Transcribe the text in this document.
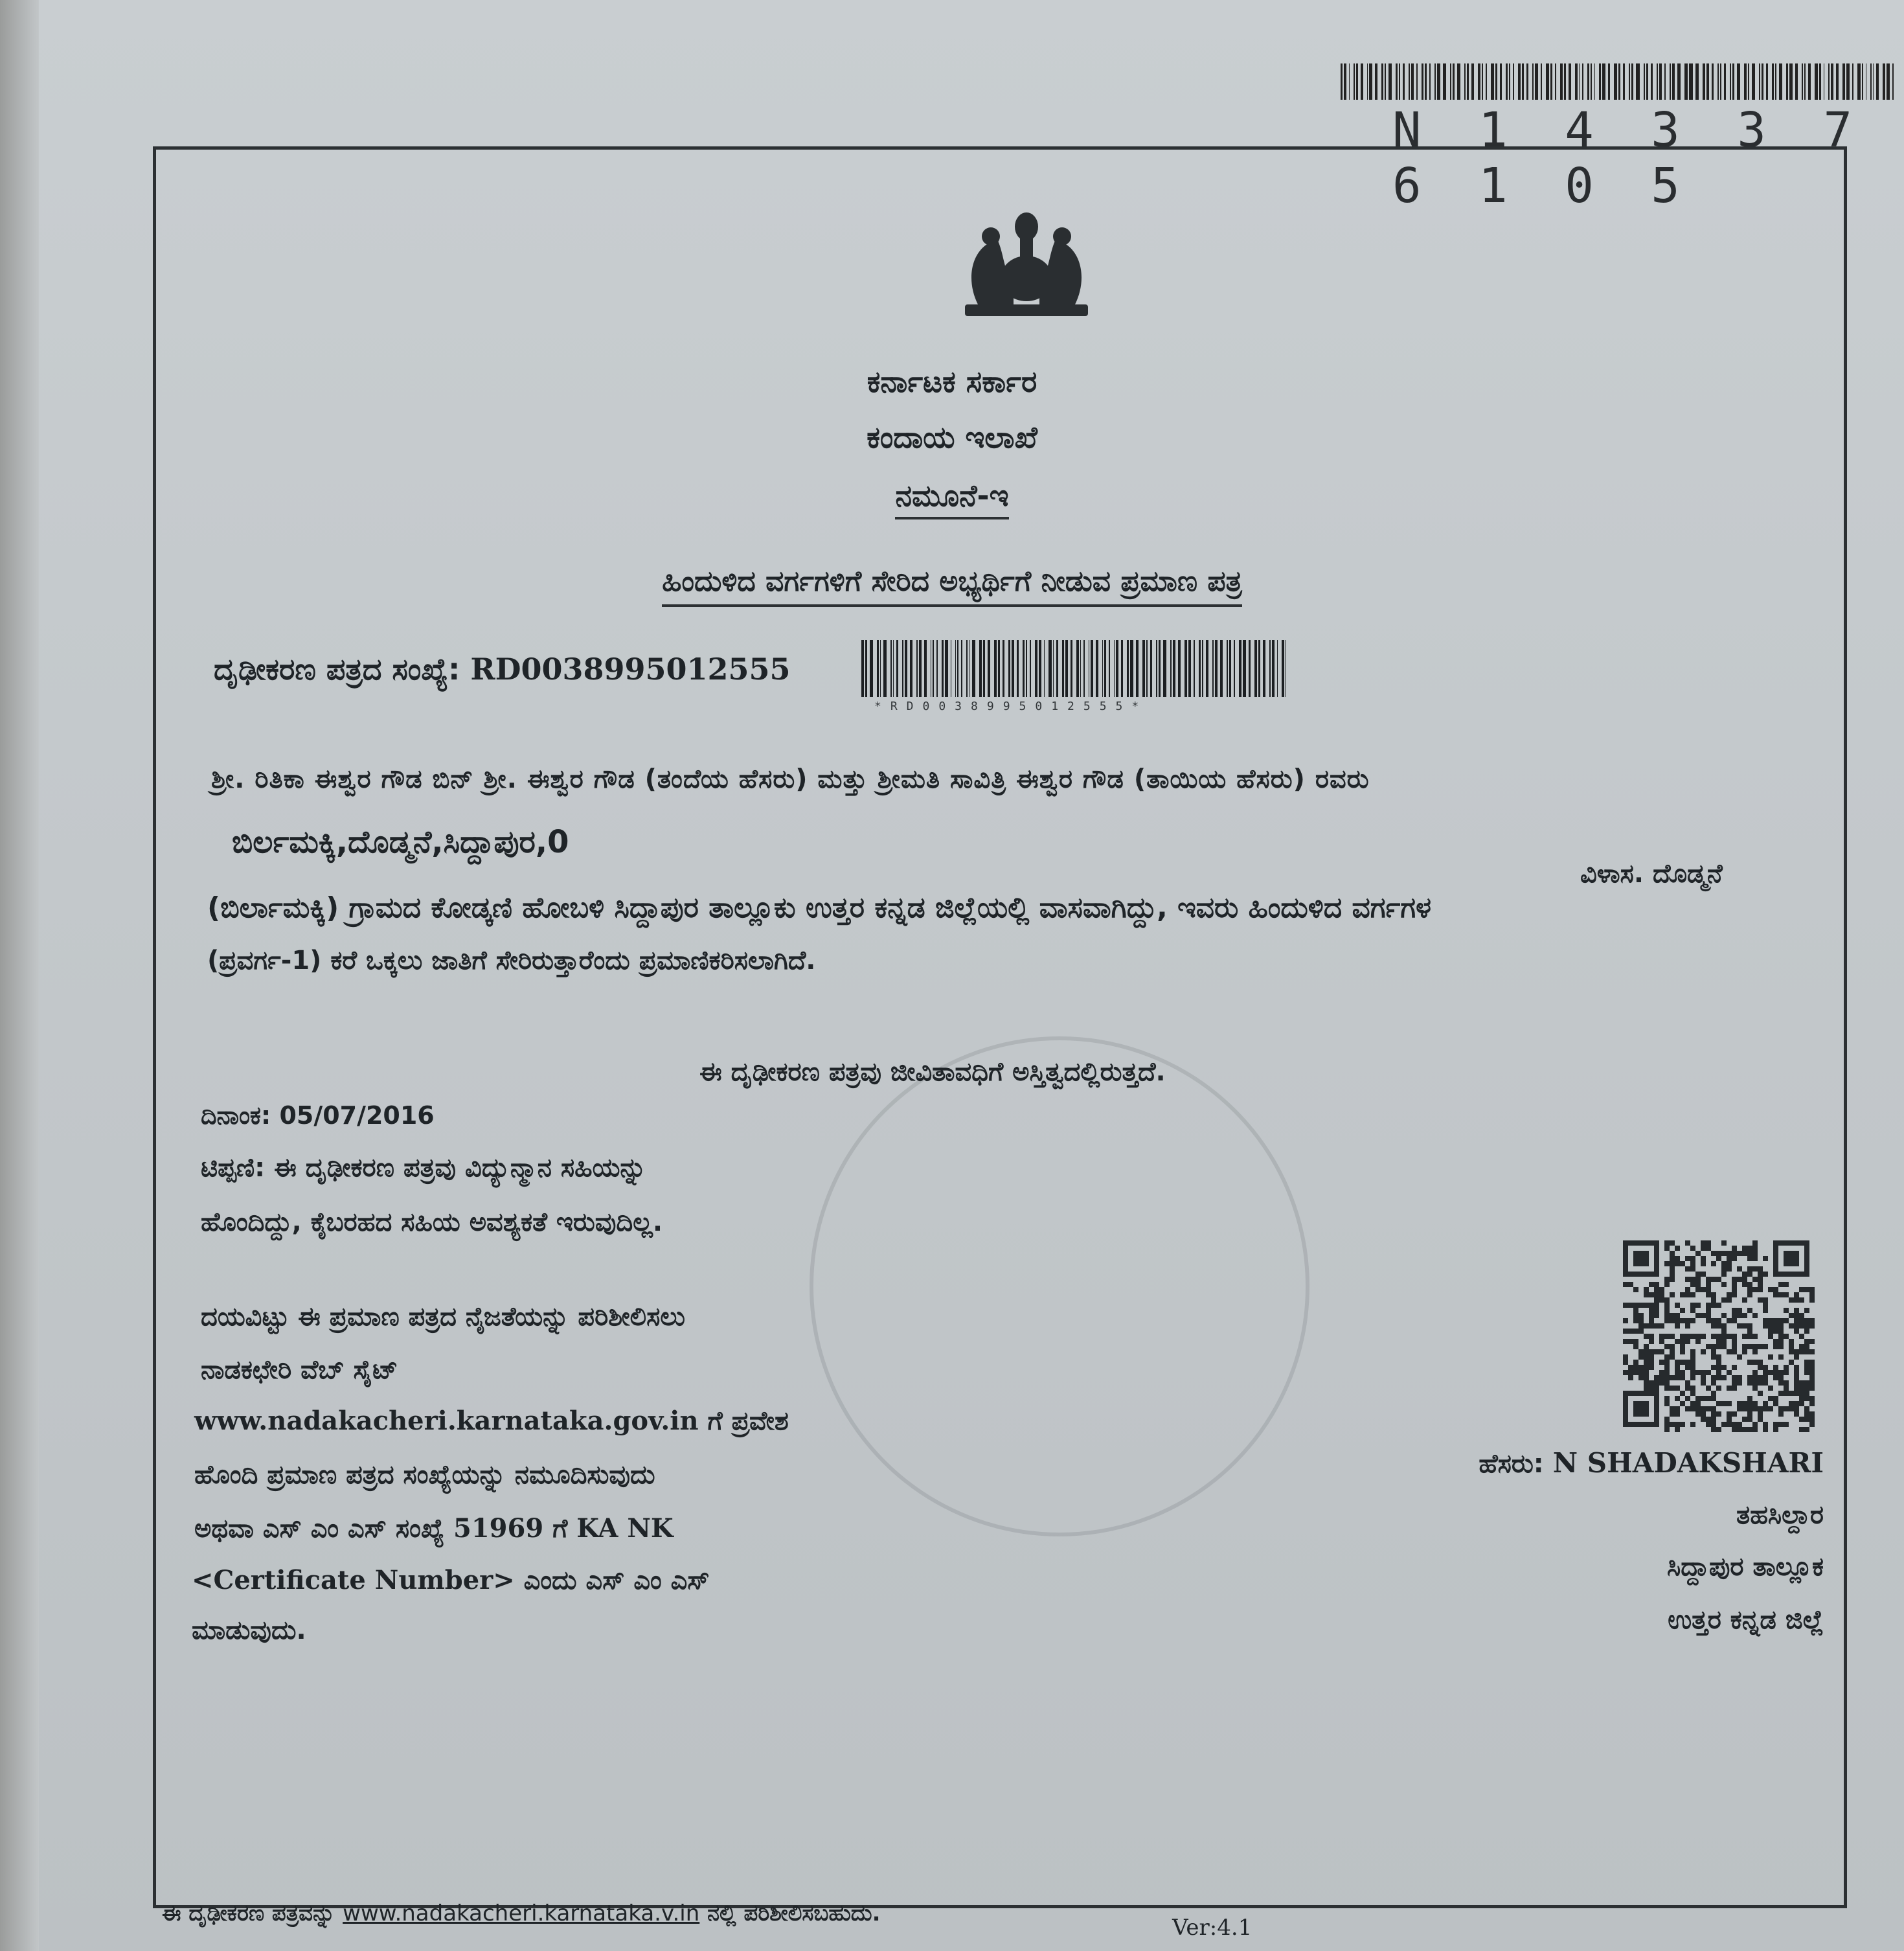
N 1 4 3 3 7 6 1 0 5
ಕರ್ನಾಟಕ ಸರ್ಕಾರ
ಕಂದಾಯ ಇಲಾಖೆ
ನಮೂನೆ-ಇ
ಹಿಂದುಳಿದ ವರ್ಗಗಳಿಗೆ ಸೇರಿದ ಅಭ್ಯರ್ಥಿಗೆ ನೀಡುವ ಪ್ರಮಾಣ ಪತ್ರ
ದೃಢೀಕರಣ ಪತ್ರದ ಸಂಖ್ಯೆ: RD0038995012555
*RD0038995012555*
ಶ್ರೀ. ರಿತಿಕಾ ಈಶ್ವರ ಗೌಡ ಬಿನ್ ಶ್ರೀ. ಈಶ್ವರ ಗೌಡ (ತಂದೆಯ ಹೆಸರು) ಮತ್ತು ಶ್ರೀಮತಿ ಸಾವಿತ್ರಿ ಈಶ್ವರ ಗೌಡ (ತಾಯಿಯ ಹೆಸರು) ರವರು
ಬಿರ್ಲಮಕ್ಕಿ,ದೊಡ್ಮನೆ,ಸಿದ್ದಾಪುರ,0
ವಿಳಾಸ. ದೊಡ್ಮನೆ
(ಬಿರ್ಲಾಮಕ್ಕಿ) ಗ್ರಾಮದ ಕೋಡ್ಕಣಿ ಹೋಬಳಿ ಸಿದ್ದಾಪುರ ತಾಲ್ಲೂಕು ಉತ್ತರ ಕನ್ನಡ ಜಿಲ್ಲೆಯಲ್ಲಿ ವಾಸವಾಗಿದ್ದು, ಇವರು ಹಿಂದುಳಿದ ವರ್ಗಗಳ
(ಪ್ರವರ್ಗ-1) ಕರೆ ಒಕ್ಕಲು ಜಾತಿಗೆ ಸೇರಿರುತ್ತಾರೆಂದು ಪ್ರಮಾಣಿಕರಿಸಲಾಗಿದೆ.
ಈ ದೃಢೀಕರಣ ಪತ್ರವು ಜೀವಿತಾವಧಿಗೆ ಅಸ್ತಿತ್ವದಲ್ಲಿರುತ್ತದೆ.
ದಿನಾಂಕ: 05/07/2016
ಟಿಪ್ಪಣಿ: ಈ ದೃಢೀಕರಣ ಪತ್ರವು ವಿದ್ಯುನ್ಮಾನ ಸಹಿಯನ್ನು
ಹೊಂದಿದ್ದು, ಕೈಬರಹದ ಸಹಿಯ ಅವಶ್ಯಕತೆ ಇರುವುದಿಲ್ಲ.
ದಯವಿಟ್ಟು ಈ ಪ್ರಮಾಣ ಪತ್ರದ ನೈಜತೆಯನ್ನು ಪರಿಶೀಲಿಸಲು
ನಾಡಕಛೇರಿ ವೆಬ್ ಸೈಟ್
www.nadakacheri.karnataka.gov.in ಗೆ ಪ್ರವೇಶ
ಹೊಂದಿ ಪ್ರಮಾಣ ಪತ್ರದ ಸಂಖ್ಯೆಯನ್ನು ನಮೂದಿಸುವುದು
ಅಥವಾ ಎಸ್ ಎಂ ಎಸ್ ಸಂಖ್ಯೆ 51969 ಗೆ KA NK
<Certificate Number> ಎಂದು ಎಸ್ ಎಂ ಎಸ್
ಮಾಡುವುದು.
ಹೆಸರು: N SHADAKSHARI
ತಹಸಿಲ್ದಾರ
ಸಿದ್ದಾಪುರ ತಾಲ್ಲೂಕ
ಉತ್ತರ ಕನ್ನಡ ಜಿಲ್ಲೆ
ಈ ದೃಢೀಕರಣ ಪತ್ರವನ್ನು www.nadakacheri.karnataka.v.in ನಲ್ಲಿ ಪರಿಶೀಲಿಸಬಹುದು.
Ver:4.1
